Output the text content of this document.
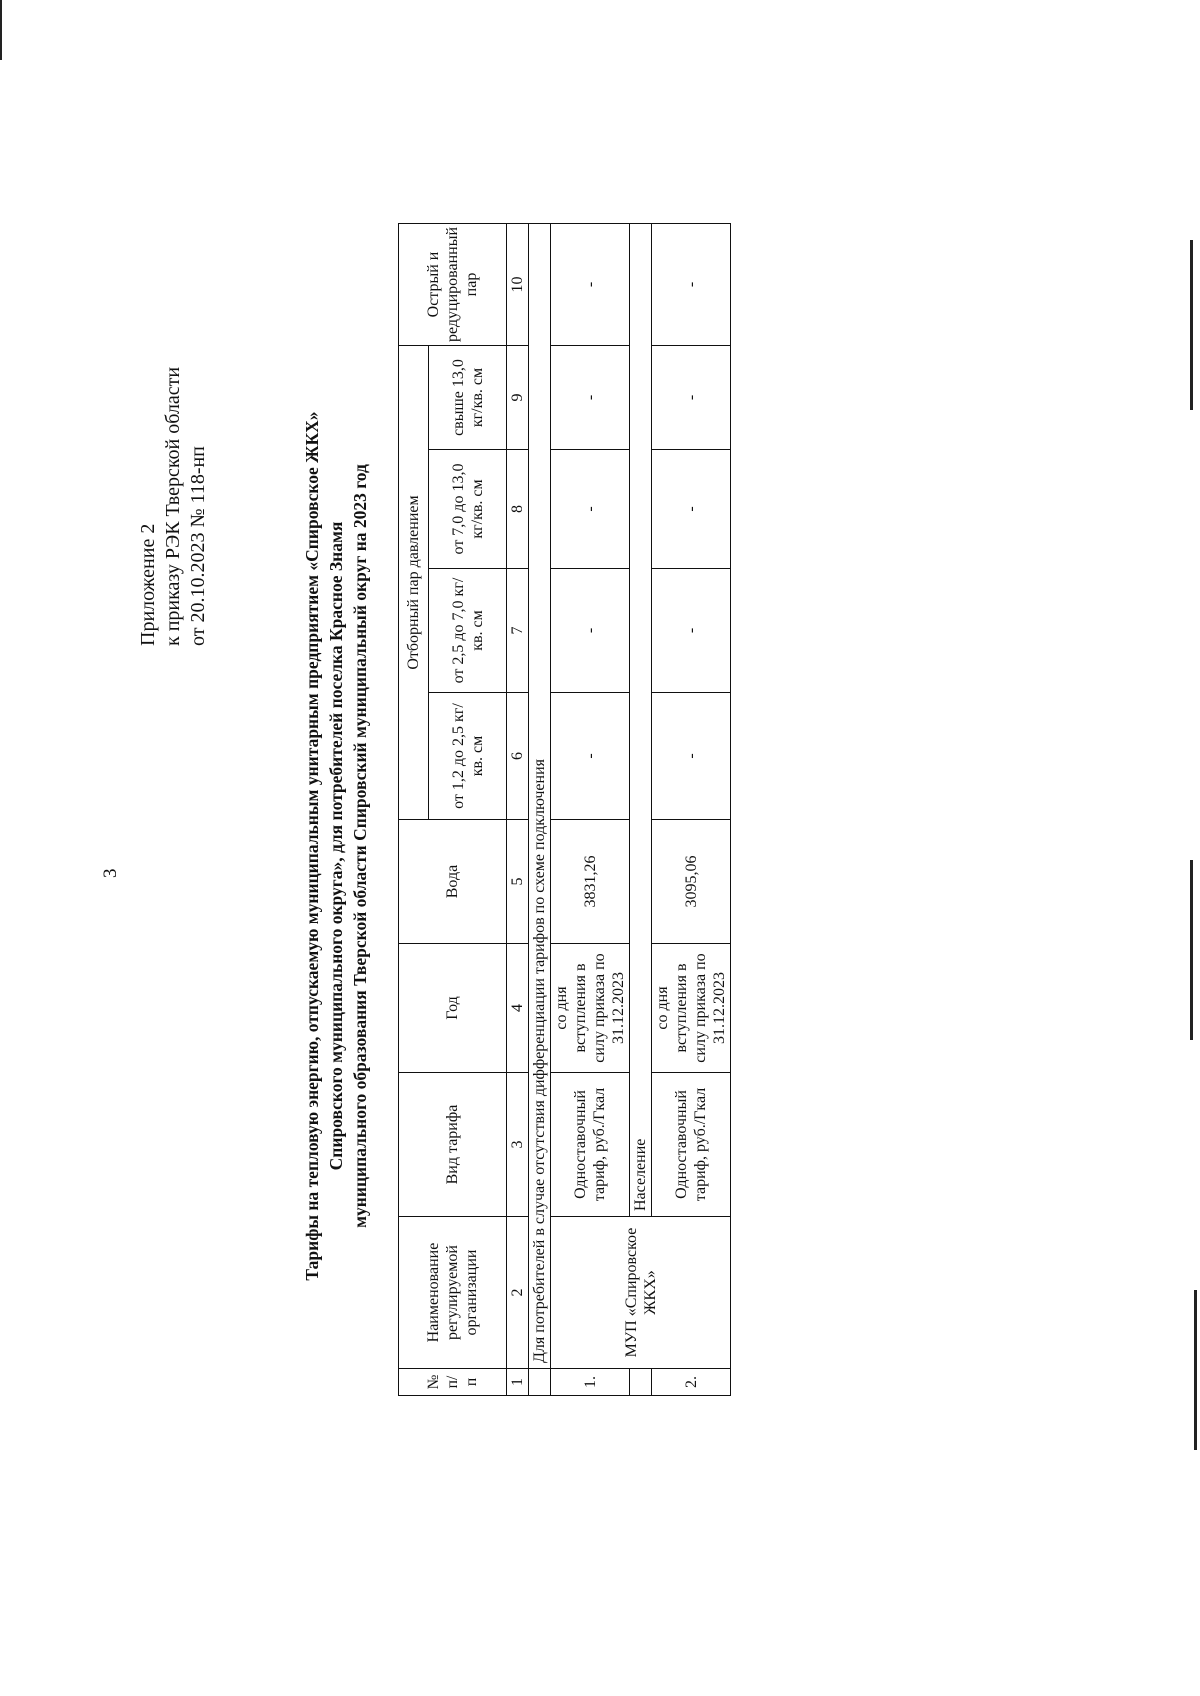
3
Приложение 2 к приказу РЭК Тверской области от 20.10.2023 № 118-нп	Тарифы на тепловую энергию, отпускаемую муниципальным унитарным предприятием «Спировское ЖКХ» Спировского муниципального округа», для потребителей поселка Красное Знамя муниципального образования Тверской области Спировский муниципальный округ на 2023 год
№ п/ п	Наименование регулируемой организации	Вид тарифа	Год	Вода	Отборный пар давлением				Острый и редуцированный пар
					от 1,2 до 2,5 кг/кв. см	от 2,5 до 7,0 кг/кв. см	от 7,0 до 13,0 кг/кв. см	свыше 13,0 кг/кв. см	
1	2	3	4	5	6	7	8	9	10
	Для потребителей в случае отсутствия дифференциации тарифов по схеме подключения								
1.	МУП «Спировское ЖКХ»	Одноставочный тариф, руб./Гкал	со дня вступления в силу приказа по 31.12.2023	3831,26	-	-	-	-	-
		Население							
2.		Одноставочный тариф, руб./Гкал	со дня вступления в силу приказа по 31.12.2023	3095,06	-	-	-	-	-
